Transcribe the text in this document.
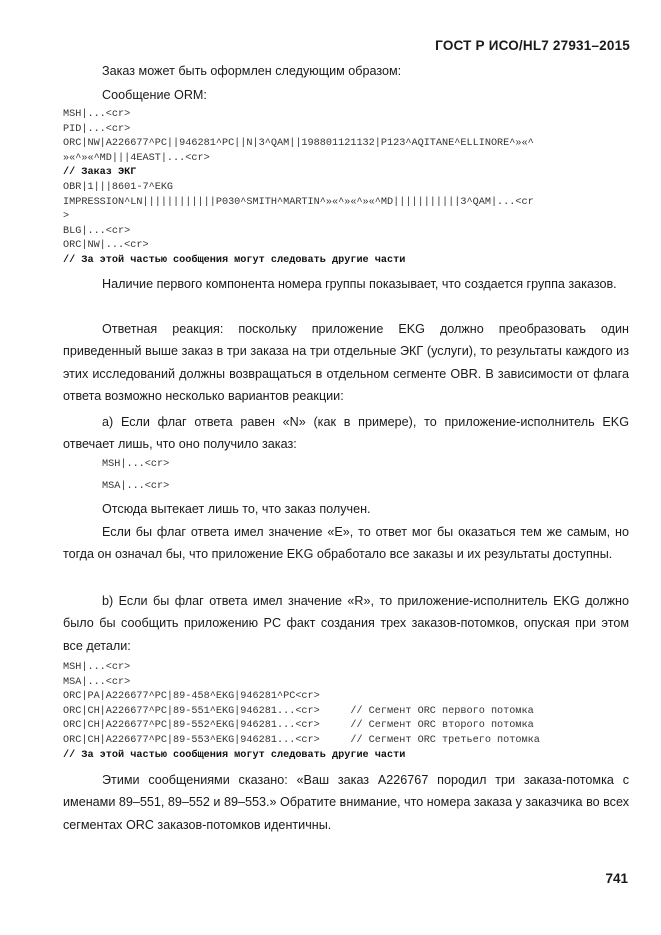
ГОСТ Р ИСО/HL7 27931–2015
Заказ может быть оформлен следующим образом:
Сообщение ORM:
MSH|...<cr>
PID|...<cr>
ORC|NW|A226677^PC||946281^PC||N|3^QAM||198801121132|P123^AQITANE^ELLINORE^»«^
»«^»«^MD|||4EAST|...<cr>
// Заказ ЭКГ
OBR|1|||8601-7^EKG
IMPRESSION^LN||||||||||||P030^SMITH^MARTIN^»«^»«^»«^MD|||||||||||3^QAM|...<cr
>
BLG|...<cr>
ORC|NW|...<cr>
// За этой частью сообщения могут следовать другие части
Наличие первого компонента номера группы показывает, что создается группа заказов.
Ответная реакция: поскольку приложение EKG должно преобразовать один приведенный выше заказ в три заказа на три отдельные ЭКГ (услуги), то результаты каждого из этих исследований должны возвращаться в отдельном сегменте OBR. В зависимости от флага ответа возможно несколько вариантов реакции:
а) Если флаг ответа равен «N» (как в примере), то приложение-исполнитель EKG отвечает лишь, что оно получило заказ:
MSH|...<cr>
MSA|...<cr>
Отсюда вытекает лишь то, что заказ получен.
Если бы флаг ответа имел значение «Е», то ответ мог бы оказаться тем же самым, но тогда он означал бы, что приложение EKG обработало все заказы и их результаты доступны.
b) Если бы флаг ответа имел значение «R», то приложение-исполнитель EKG должно было бы сообщить приложению PC факт создания трех заказов-потомков, опуская при этом все детали:
MSH|...<cr>
MSA|...<cr>
ORC|PA|A226677^PC|89-458^EKG|946281^PC<cr>
ORC|CH|A226677^PC|89-551^EKG|946281...<cr>     // Сегмент ORC первого потомка
ORC|CH|A226677^PC|89-552^EKG|946281...<cr>     // Сегмент ORC второго потомка
ORC|CH|A226677^PC|89-553^EKG|946281...<cr>     // Сегмент ORC третьего потомка
// За этой частью сообщения могут следовать другие части
Этими сообщениями сказано: «Ваш заказ A226767 породил три заказа-потомка с именами 89–551, 89–552 и 89–553.» Обратите внимание, что номера заказа у заказчика во всех сегментах ORC заказов-потомков идентичны.
741
